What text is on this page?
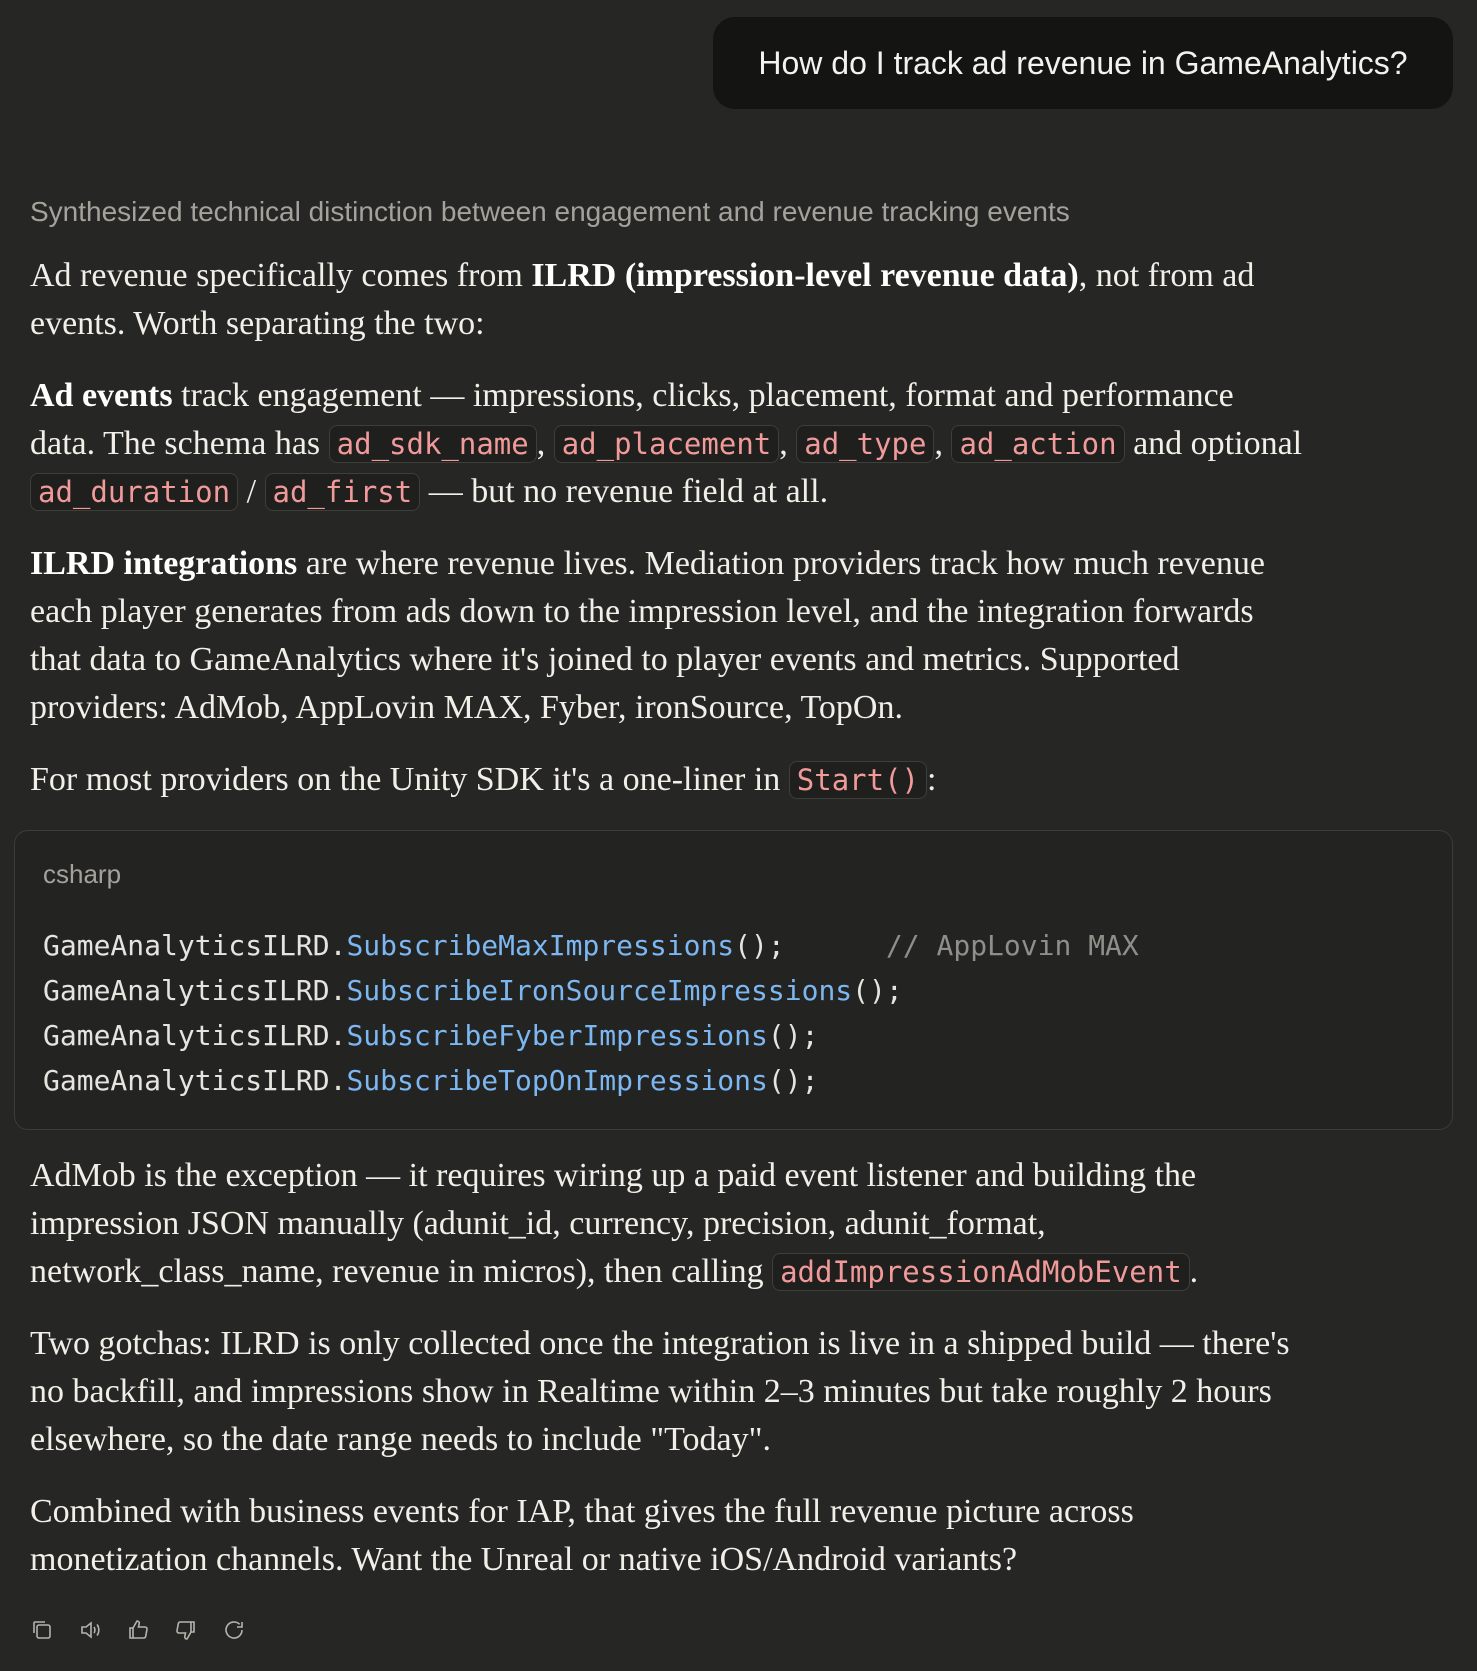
How do I track ad revenue in GameAnalytics?
Synthesized technical distinction between engagement and revenue tracking events

Ad revenue specifically comes from ILRD (impression-level revenue data), not from ad

events. Worth separating the two:

Ad events track engagement — impressions, clicks, placement, format and performance

data. The schema has ad_sdk_name , ad_placement , ad_type , ad_action and optional

ad_duration / ad_first — but no revenue field at all.

ILRD integrations are where revenue lives. Mediation providers track how much revenue

each player generates from ads down to the impression level, and the integration forwards

that data to GameAnalytics where it's joined to player events and metrics. Supported

providers: AdMob, AppLovin MAX, Fyber, ironSource, TopOn.

For most providers on the Unity SDK it's a one-liner in Start() :

csharp
GameAnalyticsILRD.SubscribeMaxImpressions();	// AppLovin MAX
GameAnalyticsILRD.SubscribeIronSourceImpressions();
GameAnalyticsILRD.SubscribeFyberImpressions();
GameAnalyticsILRD.SubscribeTopOnImpressions();

AdMob is the exception — it requires wiring up a paid event listener and building the

impression JSON manually (adunit_id, currency, precision, adunit_format,

network_class_name, revenue in micros), then calling addImpressionAdMobEvent .

Two gotchas: ILRD is only collected once the integration is live in a shipped build — there's

no backfill, and impressions show in Realtime within 2–3 minutes but take roughly 2 hours

elsewhere, so the date range needs to include "Today".

Combined with business events for IAP, that gives the full revenue picture across

monetization channels. Want the Unreal or native iOS/Android variants?
